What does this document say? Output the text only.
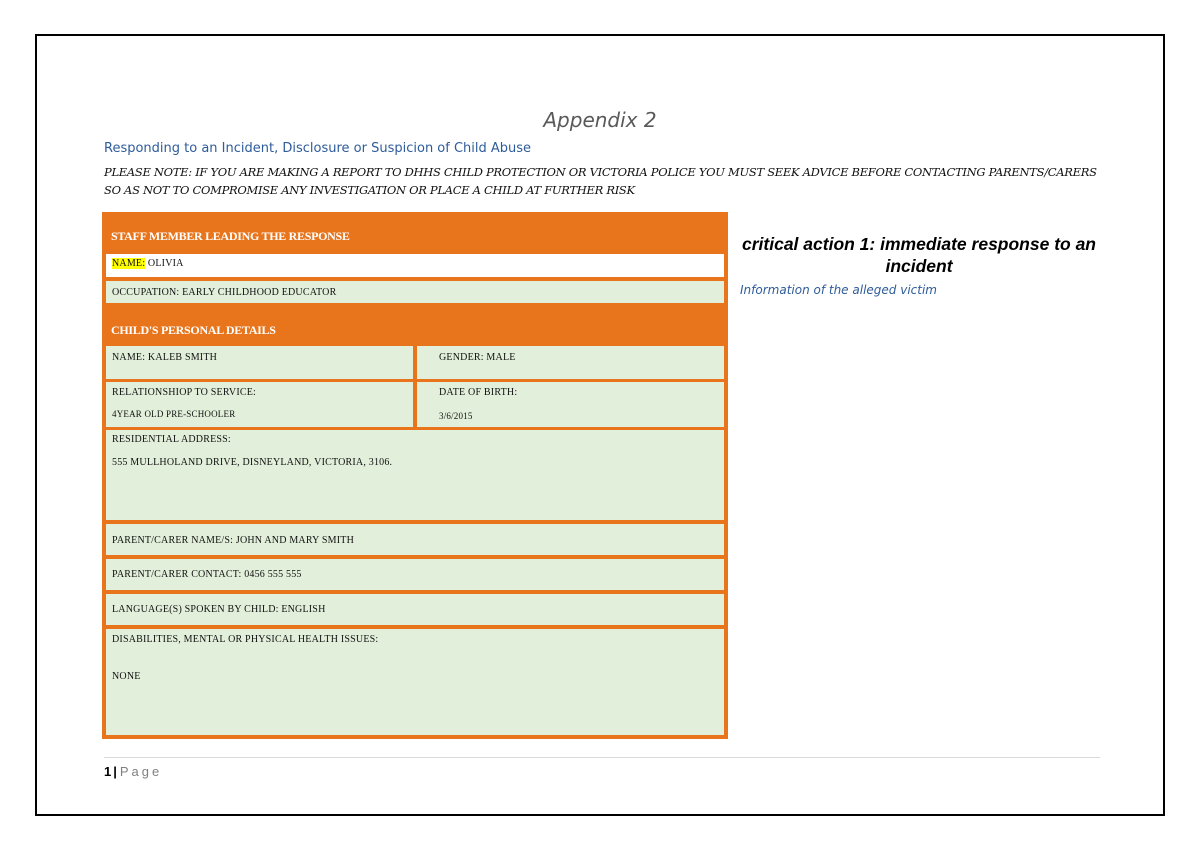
Appendix 2
Responding to an Incident, Disclosure or Suspicion of Child Abuse
PLEASE NOTE: IF YOU ARE MAKING A REPORT TO DHHS CHILD PROTECTION OR VICTORIA POLICE YOU MUST SEEK ADVICE BEFORE CONTACTING PARENTS/CARERS SO AS NOT TO COMPROMISE ANY INVESTIGATION OR PLACE A CHILD AT FURTHER RISK
STAFF MEMBER LEADING THE RESPONSE
NAME: OLIVIA
OCCUPATION: EARLY CHILDHOOD EDUCATOR
CHILD'S PERSONAL DETAILS
NAME: KALEB SMITH	GENDER: MALE
RELATIONSHIOP TO SERVICE:
4YEAR OLD PRE-SCHOOLER
DATE OF BIRTH:
3/6/2015
RESIDENTIAL ADDRESS:
555 MULLHOLAND DRIVE, DISNEYLAND, VICTORIA, 3106.
PARENT/CARER NAME/S: JOHN AND MARY SMITH
PARENT/CARER CONTACT: 0456 555 555
LANGUAGE(S) SPOKEN BY CHILD: ENGLISH
DISABILITIES, MENTAL OR PHYSICAL HEALTH ISSUES:
NONE
critical action 1: immediate response to an incident
Information of the alleged victim
1 | Page
